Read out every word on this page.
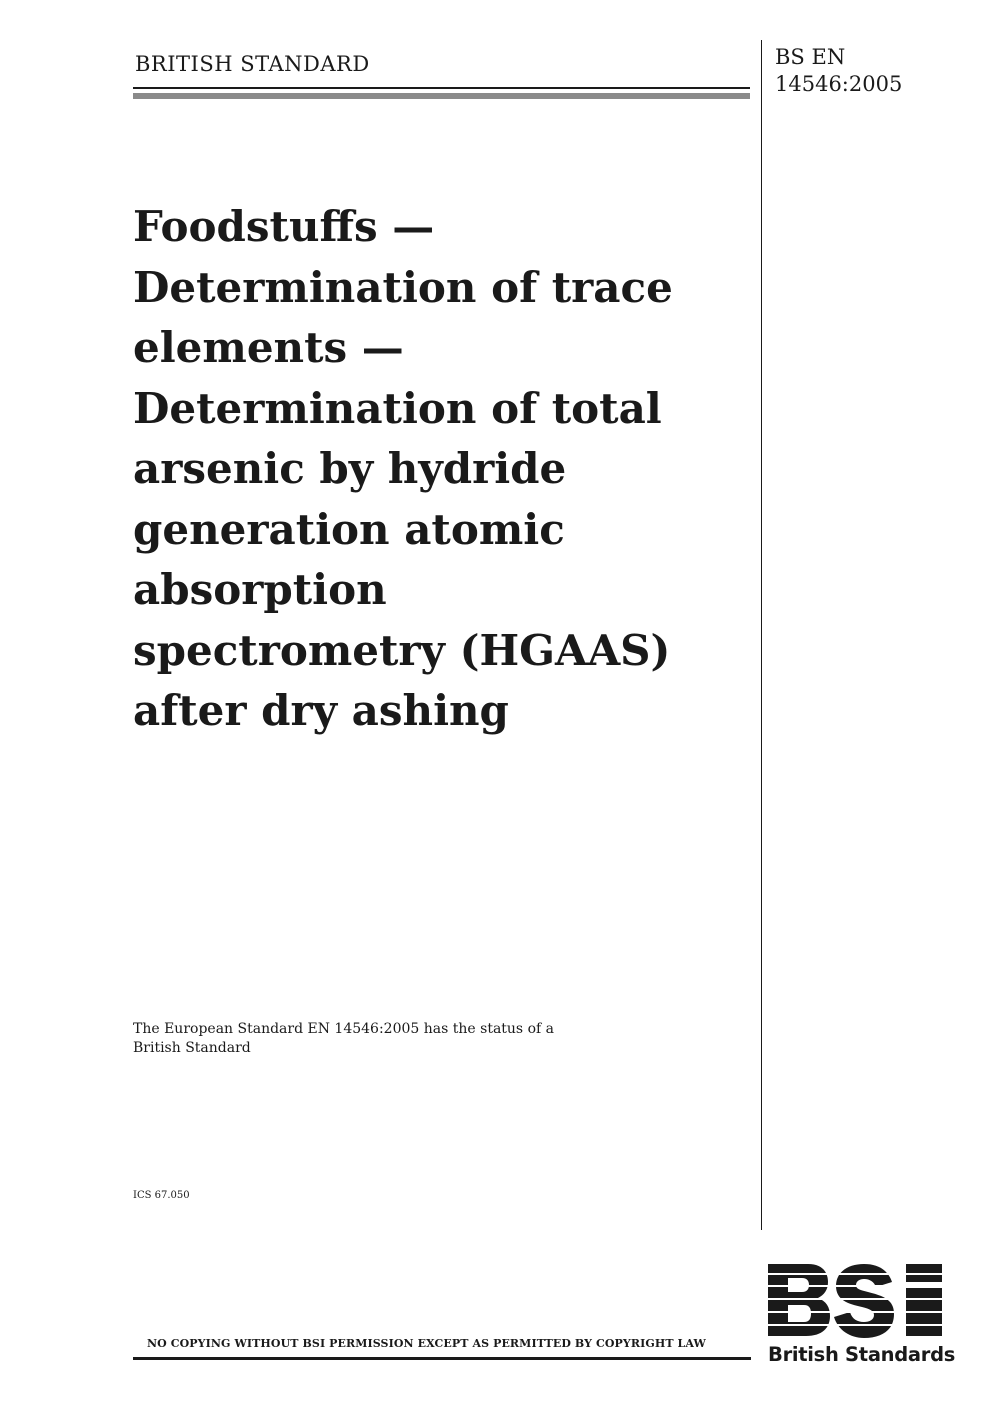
BRITISH STANDARD	BS EN
14546:2005
Foodstuffs —
Determination of trace
elements —
Determination of total
arsenic by hydride
generation atomic
absorption
spectrometry (HGAAS)
after dry ashing
The European Standard EN 14546:2005 has the status of a
British Standard
ICS 67.050
NO COPYING WITHOUT BSI PERMISSION EXCEPT AS PERMITTED BY COPYRIGHT LAW	British Standards
